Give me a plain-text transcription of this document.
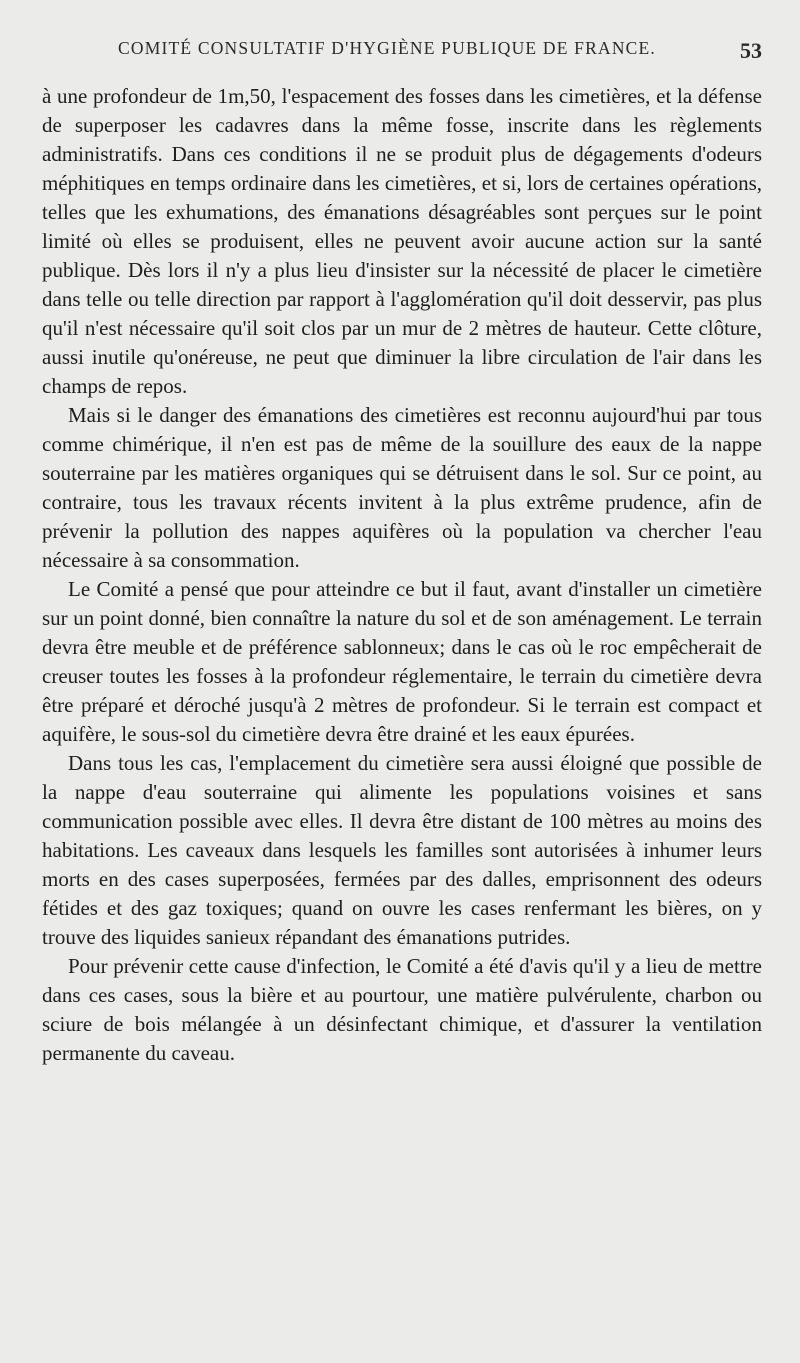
COMITÉ CONSULTATIF D'HYGIÈNE PUBLIQUE DE FRANCE.	53

à une profondeur de 1m,50, l'espacement des fosses dans les cimetières, et la défense de superposer les cadavres dans la même fosse, inscrite dans les règlements administratifs. Dans ces conditions il ne se produit plus de dégagements d'odeurs méphitiques en temps ordinaire dans les cimetières, et si, lors de certaines opérations, telles que les exhumations, des émanations désagréables sont perçues sur le point limité où elles se produisent, elles ne peuvent avoir aucune action sur la santé publique. Dès lors il n'y a plus lieu d'insister sur la nécessité de placer le cimetière dans telle ou telle direction par rapport à l'agglomération qu'il doit desservir, pas plus qu'il n'est nécessaire qu'il soit clos par un mur de 2 mètres de hauteur. Cette clôture, aussi inutile qu'onéreuse, ne peut que diminuer la libre circulation de l'air dans les champs de repos.

Mais si le danger des émanations des cimetières est reconnu aujourd'hui par tous comme chimérique, il n'en est pas de même de la souillure des eaux de la nappe souterraine par les matières organiques qui se détruisent dans le sol. Sur ce point, au contraire, tous les travaux récents invitent à la plus extrême prudence, afin de prévenir la pollution des nappes aquifères où la population va chercher l'eau nécessaire à sa consommation.

Le Comité a pensé que pour atteindre ce but il faut, avant d'installer un cimetière sur un point donné, bien connaître la nature du sol et de son aménagement. Le terrain devra être meuble et de préférence sablonneux; dans le cas où le roc empêcherait de creuser toutes les fosses à la profondeur réglementaire, le terrain du cimetière devra être préparé et déroché jusqu'à 2 mètres de profondeur. Si le terrain est compact et aquifère, le sous-sol du cimetière devra être drainé et les eaux épurées.

Dans tous les cas, l'emplacement du cimetière sera aussi éloigné que possible de la nappe d'eau souterraine qui alimente les populations voisines et sans communication possible avec elles. Il devra être distant de 100 mètres au moins des habitations. Les caveaux dans lesquels les familles sont autorisées à inhumer leurs morts en des cases superposées, fermées par des dalles, emprisonnent des odeurs fétides et des gaz toxiques; quand on ouvre les cases renfermant les bières, on y trouve des liquides sanieux répandant des émanations putrides.

Pour prévenir cette cause d'infection, le Comité a été d'avis qu'il y a lieu de mettre dans ces cases, sous la bière et au pourtour, une matière pulvérulente, charbon ou sciure de bois mélangée à un désinfectant chimique, et d'assurer la ventilation permanente du caveau.
